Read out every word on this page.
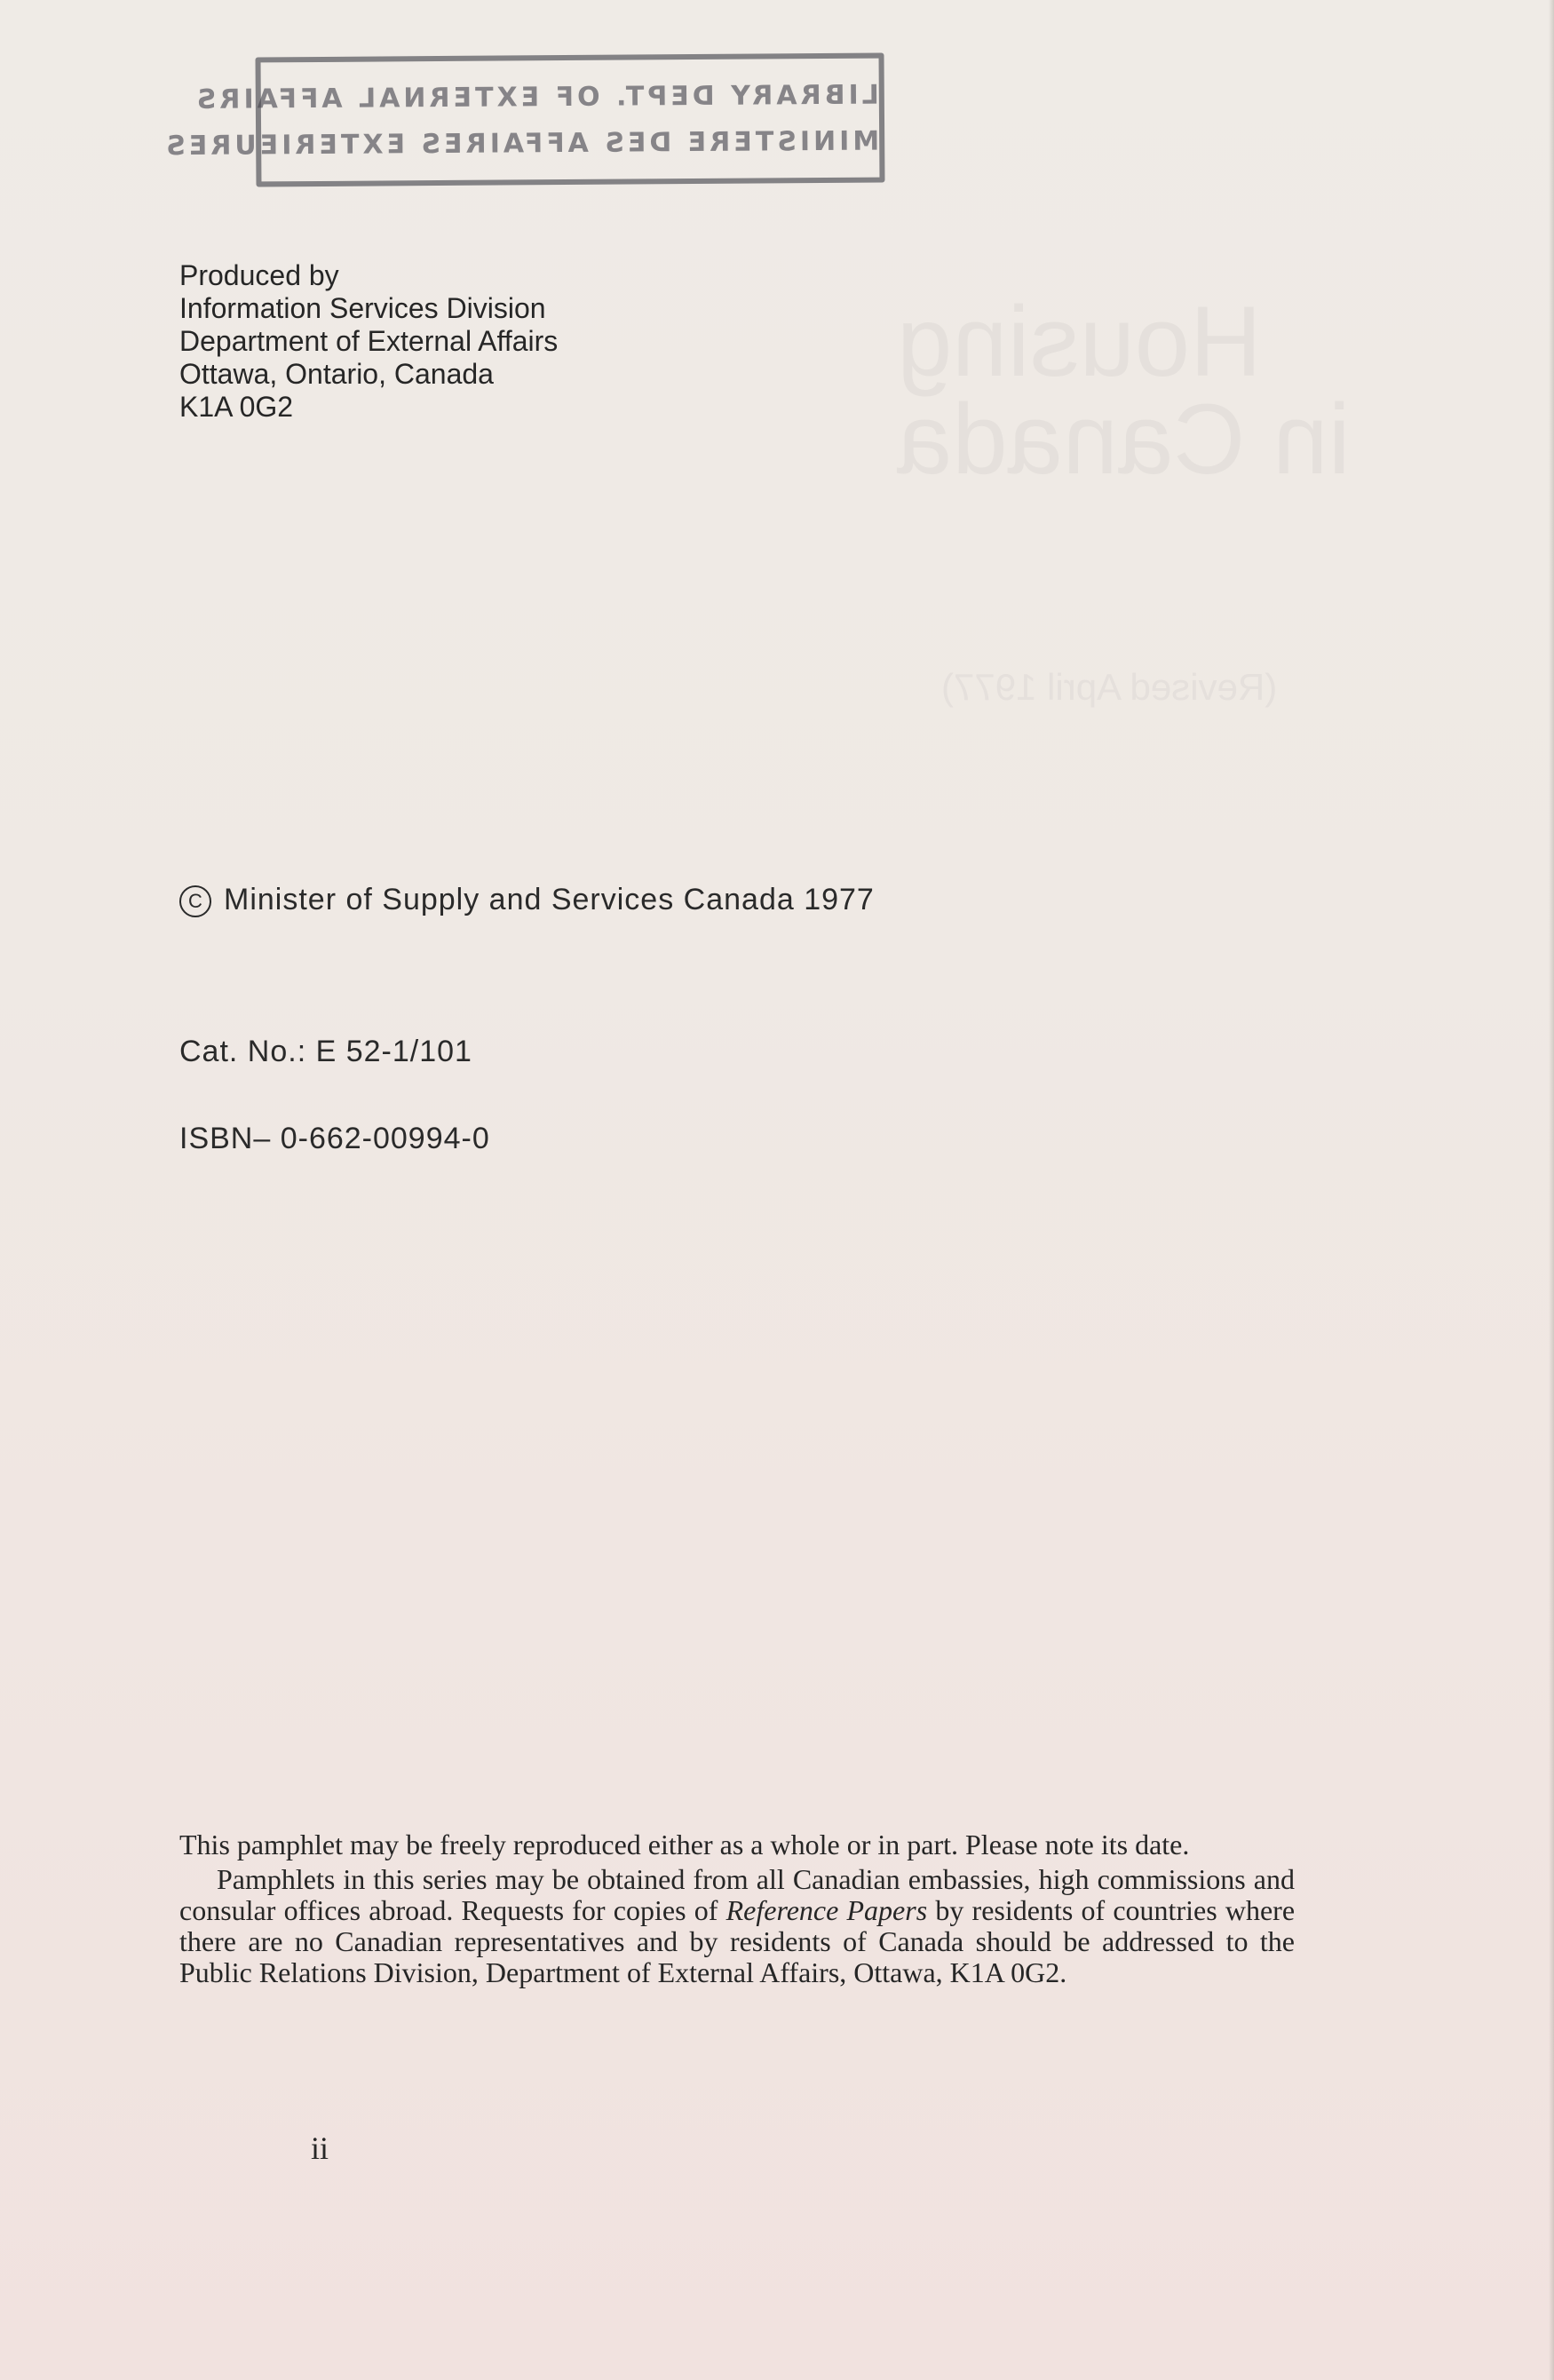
LIBRARY DEPT. OF EXTERNAL AFFAIRS
MINISTERE DES AFFAIRES EXTERIEURES
Housing
in Canada
(Revised April 1977)
Produced by
Information Services Division
Department of External Affairs
Ottawa, Ontario, Canada
K1A 0G2
C Minister of Supply and Services Canada 1977
Cat. No.: E 52-1/101
ISBN– 0-662-00994-0

This pamphlet may be freely reproduced either as a whole or in part. Please note its date.

Pamphlets in this series may be obtained from all Canadian embassies, high commissions and consular offices abroad. Requests for copies of Reference Papers by residents of countries where there are no Canadian representatives and by residents of Canada should be addressed to the Public Relations Division, Department of External Affairs, Ottawa, K1A 0G2.

ii
